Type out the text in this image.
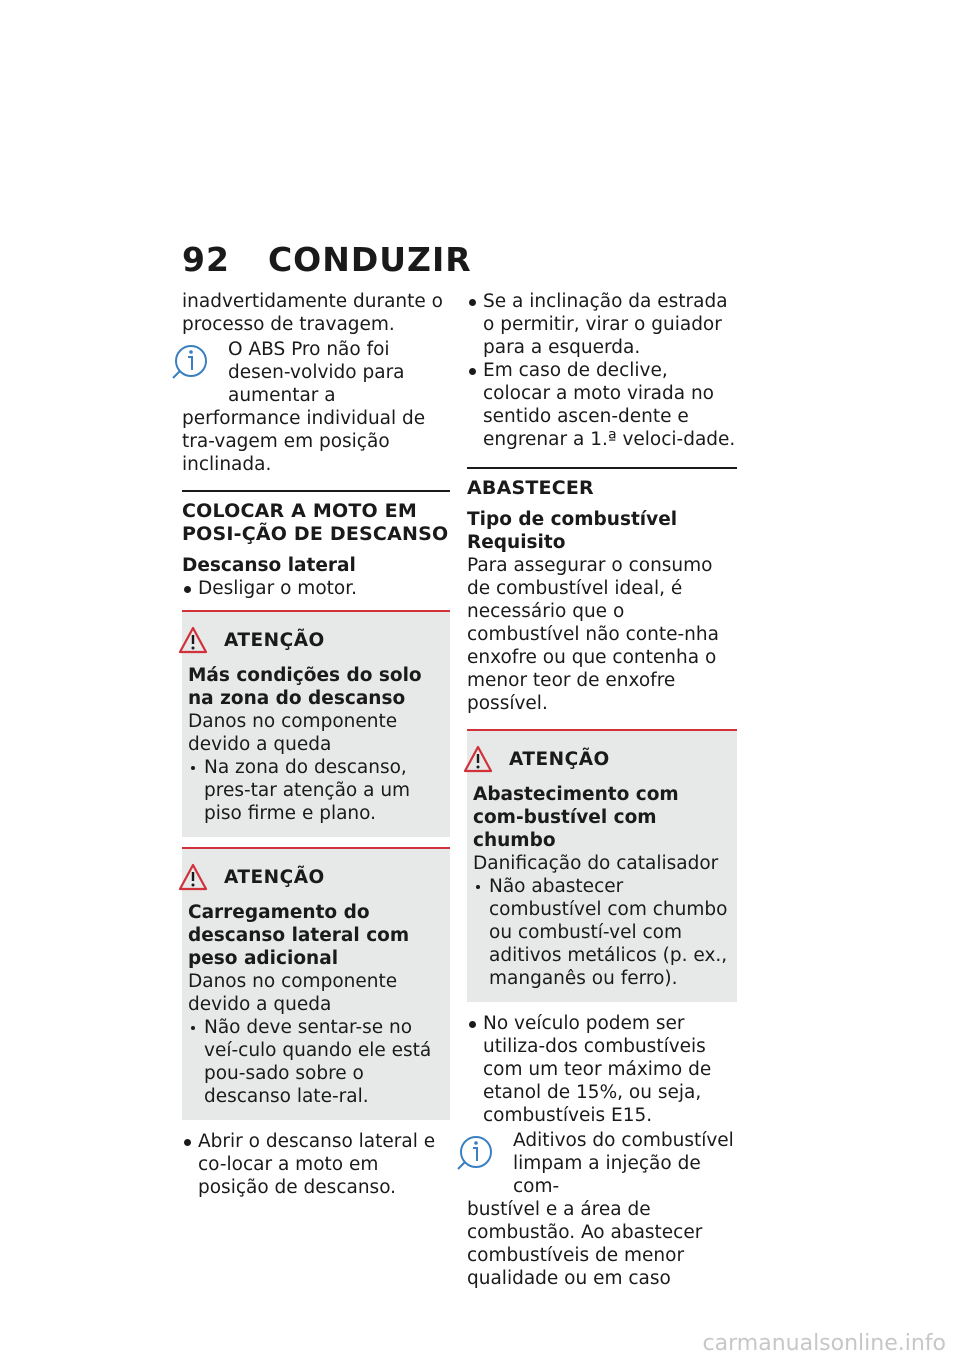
92 CONDUZIR

inadvertidamente durante o processo de travagem.

O ABS Pro não foi desen-volvido para aumentar a

performance individual de tra-vagem em posição inclinada.

COLOCAR A MOTO EM POSI-ÇÃO DE DESCANSO
Descanso lateral
Desligar o motor.
ATENÇÃO
Más condições do solo na zona do descanso
Danos no componente devido a queda
Na zona do descanso, pres-tar atenção a um piso firme e plano.
ATENÇÃO
Carregamento do descanso lateral com peso adicional
Danos no componente devido a queda
Não deve sentar-se no veí-culo quando ele está pou-sado sobre o descanso late-ral.
Abrir o descanso lateral e co-locar a moto em posição de descanso.
Se a inclinação da estrada o permitir, virar o guiador para a esquerda.
Em caso de declive, colocar a moto virada no sentido ascen-dente e engrenar a 1.ª veloci-dade.
ABASTECER
Tipo de combustível
Requisito

Para assegurar o consumo de combustível ideal, é necessário que o combustível não conte-nha enxofre ou que contenha o menor teor de enxofre possível.

ATENÇÃO
Abastecimento com com-bustível com chumbo
Danificação do catalisador
Não abastecer combustível com chumbo ou combustí-vel com aditivos metálicos (p. ex., manganês ou ferro).
No veículo podem ser utiliza-dos combustíveis com um teor máximo de etanol de 15%, ou seja, combustíveis E15.

Aditivos do combustível limpam a injeção de com-

bustível e a área de combustão. Ao abastecer combustíveis de menor qualidade ou em caso

carmanualsonline.info
